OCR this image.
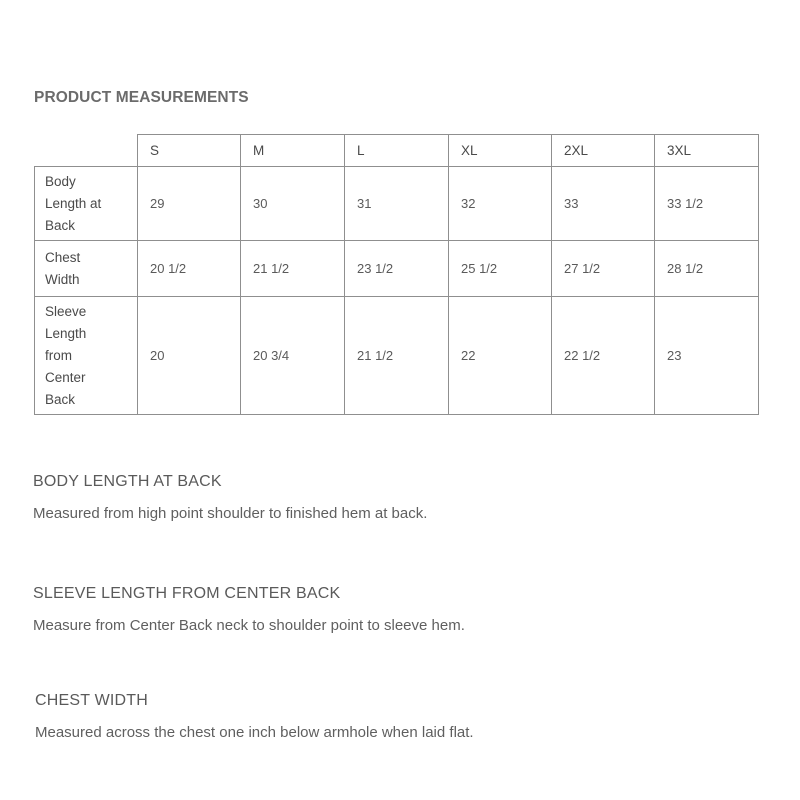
PRODUCT MEASUREMENTS
	S	M	L	XL	2XL	3XL

Body
Length at
Back	29	30	31	32	33	33 1/2

Chest
Width	20 1/2	21 1/2	23 1/2	25 1/2	27 1/2	28 1/2

Sleeve
Length
from
Center
Back	20	20 3/4	21 1/2	22	22 1/2	23
BODY LENGTH AT BACK
Measured from high point shoulder to finished hem at back.
SLEEVE LENGTH FROM CENTER BACK
Measure from Center Back neck to shoulder point to sleeve hem.
CHEST WIDTH
Measured across the chest one inch below armhole when laid flat.
